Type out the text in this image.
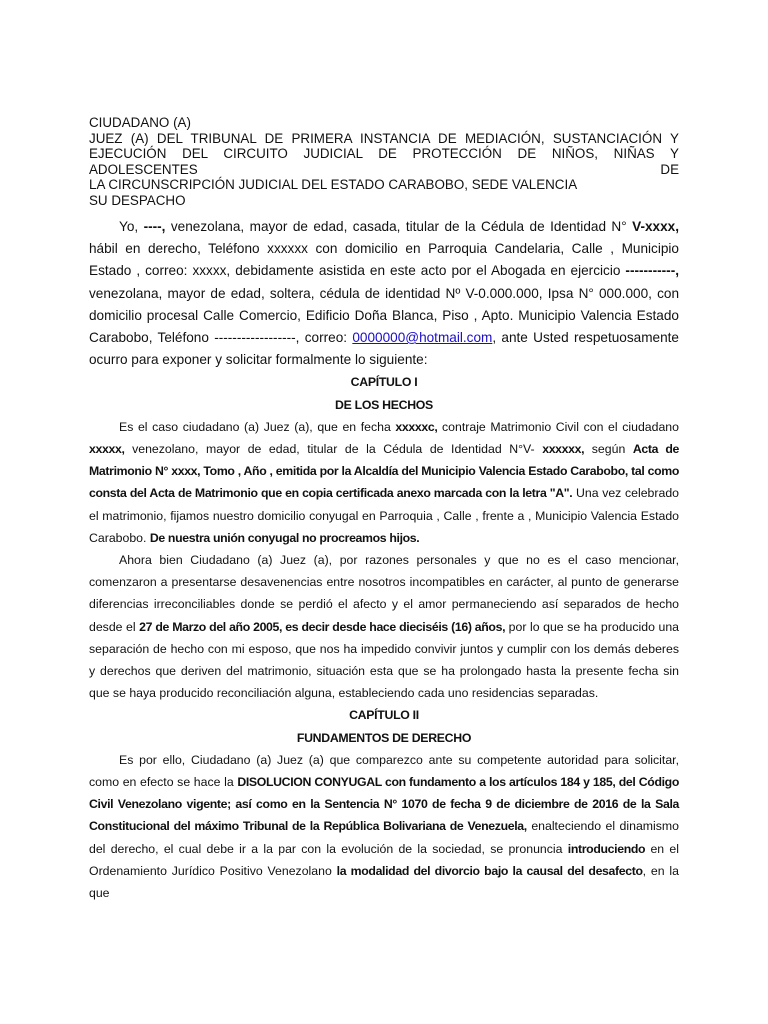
CIUDADANO (A)

JUEZ (A) DEL TRIBUNAL DE PRIMERA INSTANCIA DE MEDIACIÓN, SUSTANCIACIÓN Y

EJECUCIÓN DEL CIRCUITO JUDICIAL DE PROTECCIÓN DE NIÑOS, NIÑAS Y ADOLESCENTES DE

LA CIRCUNSCRIPCIÓN JUDICIAL DEL ESTADO CARABOBO, SEDE VALENCIA

SU DESPACHO

Yo, ----, venezolana, mayor de edad, casada, titular de la Cédula de Identidad N° V-xxxx, hábil en derecho, Teléfono xxxxxx con domicilio en Parroquia Candelaria, Calle , Municipio Estado , correo: xxxxx, debidamente asistida en este acto por el Abogada en ejercicio -----------, venezolana, mayor de edad, soltera, cédula de identidad Nº V-0.000.000, Ipsa N° 000.000, con domicilio procesal Calle Comercio, Edificio Doña Blanca, Piso , Apto. Municipio Valencia Estado Carabobo, Teléfono ------------------, correo: 0000000@hotmail.com, ante Usted respetuosamente ocurro para exponer y solicitar formalmente lo siguiente:

CAPÍTULO I

DE LOS HECHOS

Es el caso ciudadano (a) Juez (a), que en fecha xxxxxc, contraje Matrimonio Civil con el ciudadano xxxxx, venezolano, mayor de edad, titular de la Cédula de Identidad N°V- xxxxxx, según Acta de Matrimonio N° xxxx, Tomo , Año , emitida por la Alcaldía del Municipio Valencia Estado Carabobo, tal como consta del Acta de Matrimonio que en copia certificada anexo marcada con la letra "A". Una vez celebrado el matrimonio, fijamos nuestro domicilio conyugal en Parroquia , Calle , frente a , Municipio Valencia Estado Carabobo. De nuestra unión conyugal no procreamos hijos.

Ahora bien Ciudadano (a) Juez (a), por razones personales y que no es el caso mencionar, comenzaron a presentarse desavenencias entre nosotros incompatibles en carácter, al punto de generarse diferencias irreconciliables donde se perdió el afecto y el amor permaneciendo así separados de hecho desde el 27 de Marzo del año 2005, es decir desde hace dieciséis (16) años, por lo que se ha producido una separación de hecho con mi esposo, que nos ha impedido convivir juntos y cumplir con los demás deberes y derechos que deriven del matrimonio, situación esta que se ha prolongado hasta la presente fecha sin que se haya producido reconciliación alguna, estableciendo cada uno residencias separadas.

CAPÍTULO II

FUNDAMENTOS DE DERECHO

Es por ello, Ciudadano (a) Juez (a) que comparezco ante su competente autoridad para solicitar, como en efecto se hace la DISOLUCION CONYUGAL con fundamento a los artículos 184 y 185, del Código Civil Venezolano vigente; así como en la Sentencia N° 1070 de fecha 9 de diciembre de 2016 de la Sala Constitucional del máximo Tribunal de la República Bolivariana de Venezuela, enalteciendo el dinamismo del derecho, el cual debe ir a la par con la evolución de la sociedad, se pronuncia introduciendo en el Ordenamiento Jurídico Positivo Venezolano la modalidad del divorcio bajo la causal del desafecto, en la que
